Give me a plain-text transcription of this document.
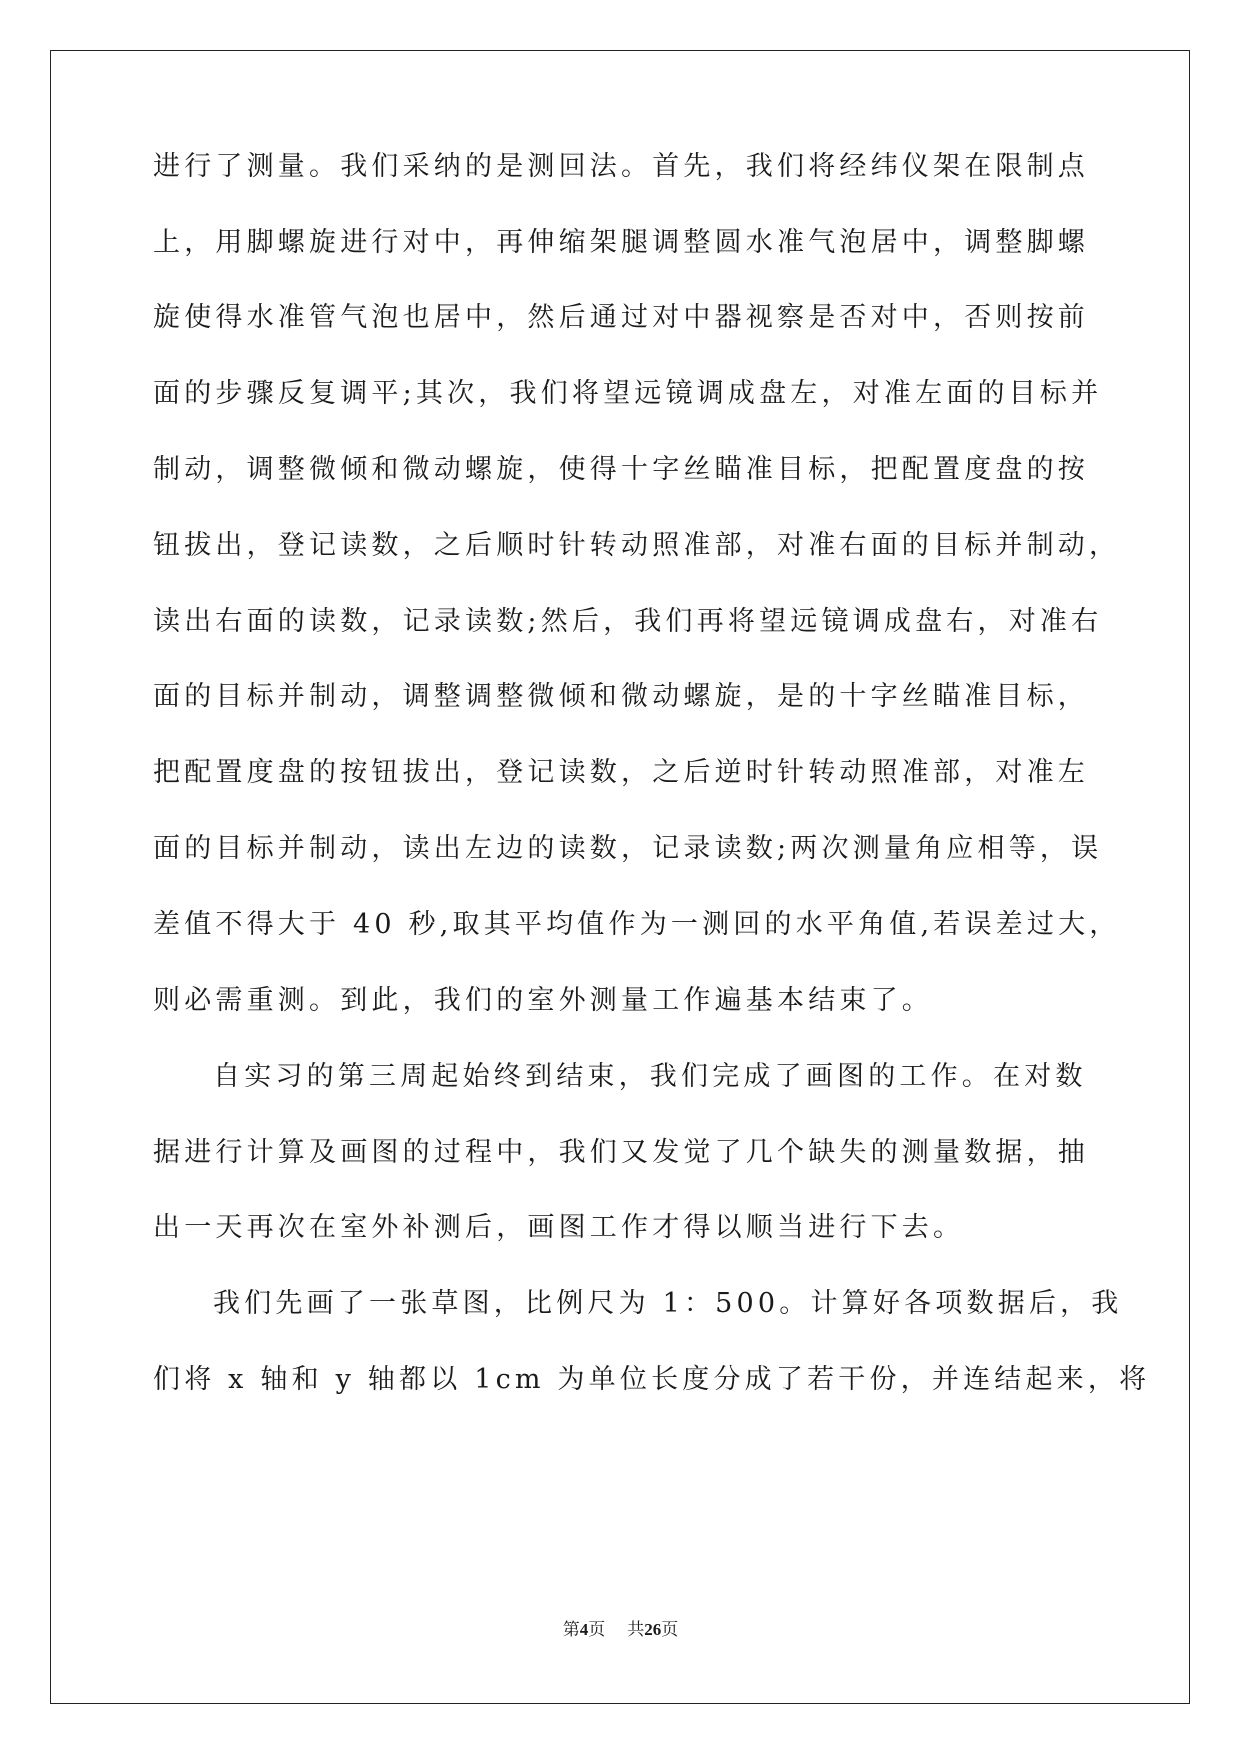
进行了测量。我们采纳的是测回法。首先，我们将经纬仪架在限制点
上，用脚螺旋进行对中，再伸缩架腿调整圆水准气泡居中，调整脚螺
旋使得水准管气泡也居中，然后通过对中器视察是否对中，否则按前
面的步骤反复调平;其次，我们将望远镜调成盘左，对准左面的目标并
制动，调整微倾和微动螺旋，使得十字丝瞄准目标，把配置度盘的按
钮拔出，登记读数，之后顺时针转动照准部，对准右面的目标并制动，
读出右面的读数，记录读数;然后，我们再将望远镜调成盘右，对准右
面的目标并制动，调整调整微倾和微动螺旋，是的十字丝瞄准目标，
把配置度盘的按钮拔出，登记读数，之后逆时针转动照准部，对准左
面的目标并制动，读出左边的读数，记录读数;两次测量角应相等，误
差值不得大于 40 秒,取其平均值作为一测回的水平角值,若误差过大，
则必需重测。到此，我们的室外测量工作遍基本结束了。
自实习的第三周起始终到结束，我们完成了画图的工作。在对数
据进行计算及画图的过程中，我们又发觉了几个缺失的测量数据，抽
出一天再次在室外补测后，画图工作才得以顺当进行下去。
我们先画了一张草图，比例尺为 1：500。计算好各项数据后，我
们将 x 轴和 y 轴都以 1cm 为单位长度分成了若干份，并连结起来，将
第4页 共26页
